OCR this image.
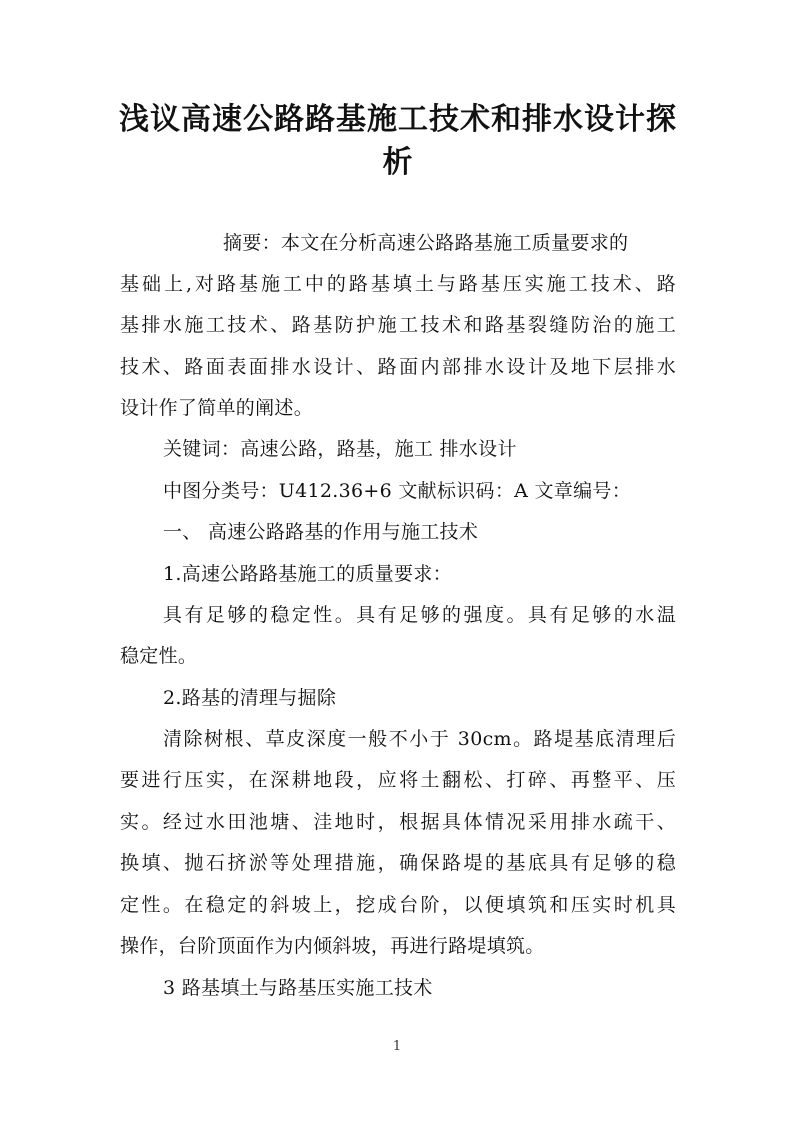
浅议高速公路路基施工技术和排水设计探
析
摘要：本文在分析高速公路路基施工质量要求的
基础上,对路基施工中的路基填土与路基压实施工技术、路
基排水施工技术、路基防护施工技术和路基裂缝防治的施工
技术、路面表面排水设计、路面内部排水设计及地下层排水
设计作了简单的阐述。
关键词：高速公路，路基，施工 排水设计
中图分类号：U412.36+6 文献标识码：A 文章编号：
一、 高速公路路基的作用与施工技术
1.高速公路路基施工的质量要求：
具有足够的稳定性。具有足够的强度。具有足够的水温
稳定性。
2.路基的清理与掘除
清除树根、草皮深度一般不小于 30cm。路堤基底清理后
要进行压实，在深耕地段，应将土翻松、打碎、再整平、压
实。经过水田池塘、洼地时，根据具体情况采用排水疏干、
换填、抛石挤淤等处理措施，确保路堤的基底具有足够的稳
定性。在稳定的斜坡上，挖成台阶，以便填筑和压实时机具
操作，台阶顶面作为内倾斜坡，再进行路堤填筑。
3 路基填土与路基压实施工技术
1
